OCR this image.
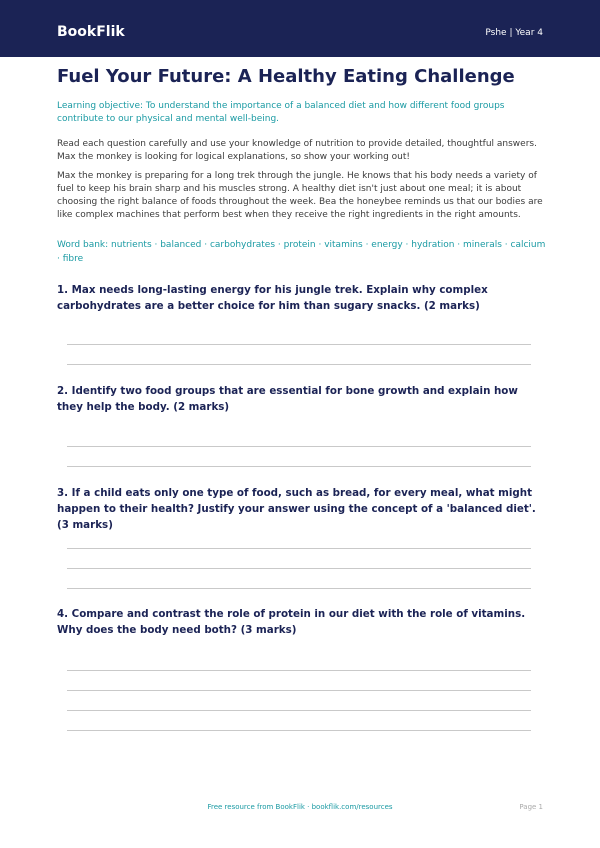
BookFlik	Pshe | Year 4
Fuel Your Future: A Healthy Eating Challenge

Learning objective: To understand the importance of a balanced diet and how different food groups contribute to our physical and mental well-being.

Read each question carefully and use your knowledge of nutrition to provide detailed, thoughtful answers. Max the monkey is looking for logical explanations, so show your working out!

Max the monkey is preparing for a long trek through the jungle. He knows that his body needs a variety of fuel to keep his brain sharp and his muscles strong. A healthy diet isn't just about one meal; it is about choosing the right balance of foods throughout the week. Bea the honeybee reminds us that our bodies are like complex machines that perform best when they receive the right ingredients in the right amounts.

Word bank: nutrients · balanced · carbohydrates · protein · vitamins · energy · hydration · minerals · calcium · fibre

1. Max needs long-lasting energy for his jungle trek. Explain why complex carbohydrates are a better choice for him than sugary snacks. (2 marks)

2. Identify two food groups that are essential for bone growth and explain how they help the body. (2 marks)

3. If a child eats only one type of food, such as bread, for every meal, what might happen to their health? Justify your answer using the concept of a 'balanced diet'. (3 marks)

4. Compare and contrast the role of protein in our diet with the role of vitamins. Why does the body need both? (3 marks)

Free resource from BookFlik · bookflik.com/resources	Page 1
